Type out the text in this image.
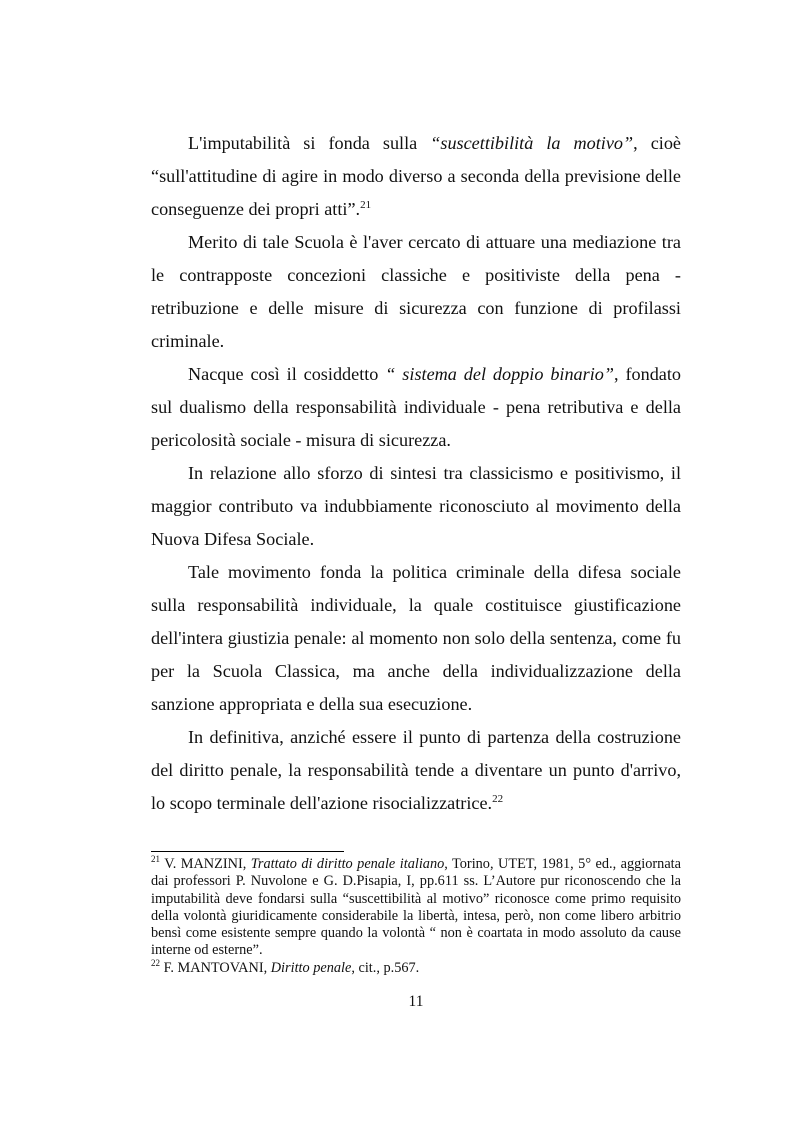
L'imputabilità si fonda sulla “suscettibilità la motivo”, cioè “sull'attitudine di agire in modo diverso a seconda della previsione delle conseguenze dei propri atti”.$^{21}$

Merito di tale Scuola è l'aver cercato di attuare una mediazione tra le contrapposte concezioni classiche e positiviste della pena - retribuzione e delle misure di sicurezza con funzione di profilassi criminale.

Nacque così il cosiddetto “ sistema del doppio binario”, fondato sul dualismo della responsabilità individuale - pena retributiva e della pericolosità sociale - misura di sicurezza.

In relazione allo sforzo di sintesi tra classicismo e positivismo, il maggior contributo va indubbiamente riconosciuto al movimento della Nuova Difesa Sociale.

Tale movimento fonda la politica criminale della difesa sociale sulla responsabilità individuale, la quale costituisce giustificazione dell'intera giustizia penale: al momento non solo della sentenza, come fu per la Scuola Classica, ma anche della individualizzazione della sanzione appropriata e della sua esecuzione.

In definitiva, anziché essere il punto di partenza della costruzione del diritto penale, la responsabilità tende a diventare un punto d'arrivo, lo scopo terminale dell'azione risocializzatrice.$^{22}$

$^{21}$ V. MANZINI, Trattato di diritto penale italiano, Torino, UTET, 1981, 5° ed., aggiornata dai professori P. Nuvolone e G. D.Pisapia, I, pp.611 ss. L’Autore pur riconoscendo che la imputabilità deve fondarsi sulla “suscettibilità al motivo” riconosce come primo requisito della volontà giuridicamente considerabile la libertà, intesa, però, non come libero arbitrio bensì come esistente sempre quando la volontà “ non è coartata in modo assoluto da cause interne od esterne”.

$^{22}$ F. MANTOVANI, Diritto penale, cit., p.567.

11
